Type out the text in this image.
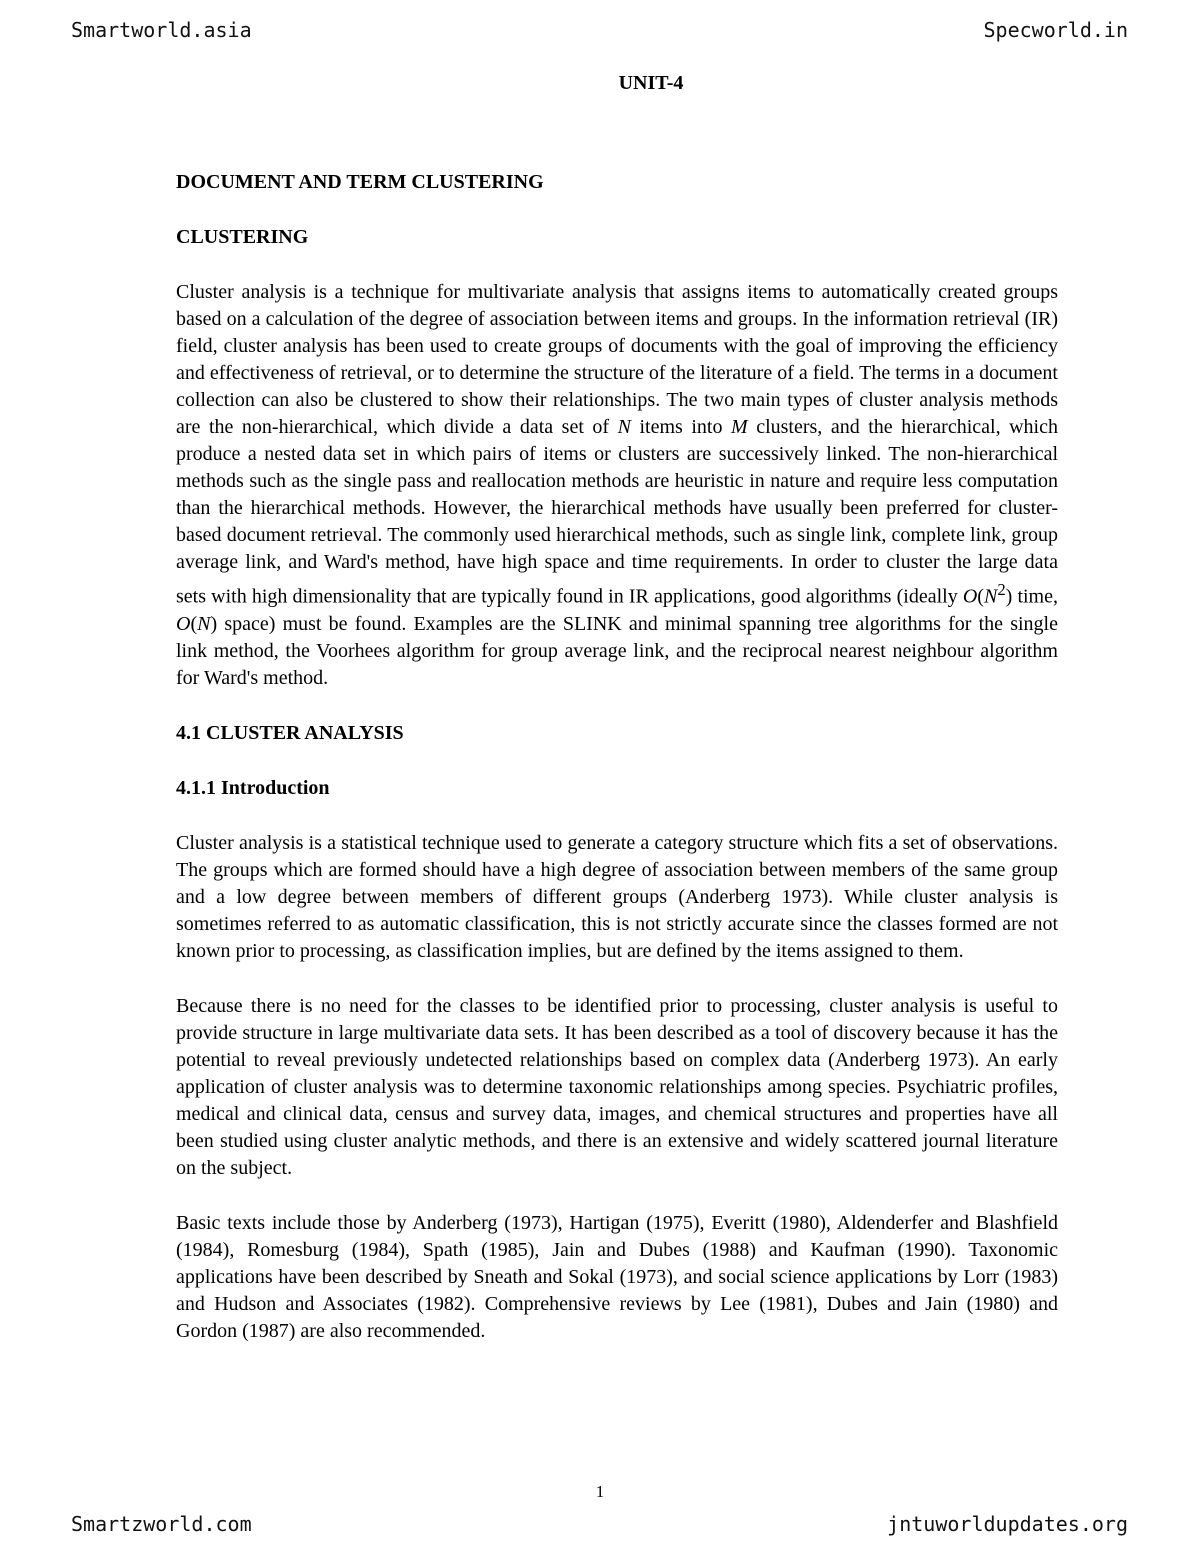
Smartworld.asia	Specworld.in

UNIT-4

DOCUMENT AND TERM CLUSTERING

CLUSTERING

Cluster analysis is a technique for multivariate analysis that assigns items to automatically created groups based on a calculation of the degree of association between items and groups. In the information retrieval (IR) field, cluster analysis has been used to create groups of documents with the goal of improving the efficiency and effectiveness of retrieval, or to determine the structure of the literature of a field. The terms in a document collection can also be clustered to show their relationships. The two main types of cluster analysis methods are the non-hierarchical, which divide a data set of N items into M clusters, and the hierarchical, which produce a nested data set in which pairs of items or clusters are successively linked. The non-hierarchical methods such as the single pass and reallocation methods are heuristic in nature and require less computation than the hierarchical methods. However, the hierarchical methods have usually been preferred for cluster-based document retrieval. The commonly used hierarchical methods, such as single link, complete link, group average link, and Ward's method, have high space and time requirements. In order to cluster the large data sets with high dimensionality that are typically found in IR applications, good algorithms (ideally $O(N^2)$ time, O(N) space) must be found. Examples are the SLINK and minimal spanning tree algorithms for the single link method, the Voorhees algorithm for group average link, and the reciprocal nearest neighbour algorithm for Ward's method.

4.1 CLUSTER ANALYSIS

4.1.1 Introduction

Cluster analysis is a statistical technique used to generate a category structure which fits a set of observations. The groups which are formed should have a high degree of association between members of the same group and a low degree between members of different groups (Anderberg 1973). While cluster analysis is sometimes referred to as automatic classification, this is not strictly accurate since the classes formed are not known prior to processing, as classification implies, but are defined by the items assigned to them.

Because there is no need for the classes to be identified prior to processing, cluster analysis is useful to provide structure in large multivariate data sets. It has been described as a tool of discovery because it has the potential to reveal previously undetected relationships based on complex data (Anderberg 1973). An early application of cluster analysis was to determine taxonomic relationships among species. Psychiatric profiles, medical and clinical data, census and survey data, images, and chemical structures and properties have all been studied using cluster analytic methods, and there is an extensive and widely scattered journal literature on the subject.

Basic texts include those by Anderberg (1973), Hartigan (1975), Everitt (1980), Aldenderfer and Blashfield (1984), Romesburg (1984), Spath (1985), Jain and Dubes (1988) and Kaufman (1990). Taxonomic applications have been described by Sneath and Sokal (1973), and social science applications by Lorr (1983) and Hudson and Associates (1982). Comprehensive reviews by Lee (1981), Dubes and Jain (1980) and Gordon (1987) are also recommended.

1
Smartzworld.com	jntuworldupdates.org
